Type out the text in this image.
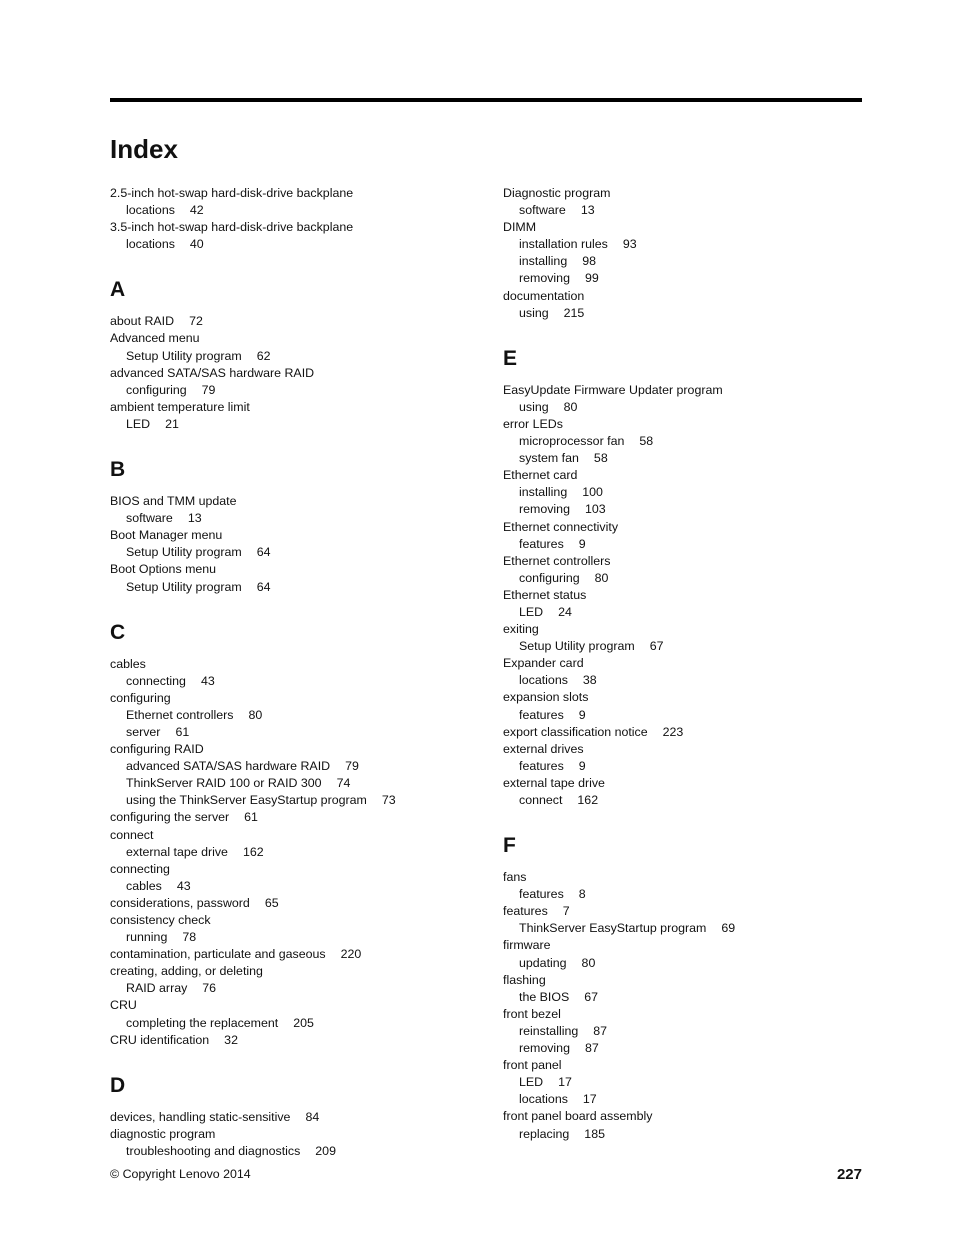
Index
2.5-inch hot-swap hard-disk-drive backplane
locations 42
3.5-inch hot-swap hard-disk-drive backplane
locations 40
A
about RAID 72
Advanced menu
Setup Utility program 62
advanced SATA/SAS hardware RAID
configuring 79
ambient temperature limit
LED 21
B
BIOS and TMM update
software 13
Boot Manager menu
Setup Utility program 64
Boot Options menu
Setup Utility program 64
C
cables
connecting 43
configuring
Ethernet controllers 80
server 61
configuring RAID
advanced SATA/SAS hardware RAID 79
ThinkServer RAID 100 or RAID 300 74
using the ThinkServer EasyStartup program 73
configuring the server 61
connect
external tape drive 162
connecting
cables 43
considerations, password 65
consistency check
running 78
contamination, particulate and gaseous 220
creating, adding, or deleting
RAID array 76
CRU
completing the replacement 205
CRU identification 32
D
devices, handling static-sensitive 84
diagnostic program
troubleshooting and diagnostics 209
Diagnostic program
software 13
DIMM
installation rules 93
installing 98
removing 99
documentation
using 215
E
EasyUpdate Firmware Updater program
using 80
error LEDs
microprocessor fan 58
system fan 58
Ethernet card
installing 100
removing 103
Ethernet connectivity
features 9
Ethernet controllers
configuring 80
Ethernet status
LED 24
exiting
Setup Utility program 67
Expander card
locations 38
expansion slots
features 9
export classification notice 223
external drives
features 9
external tape drive
connect 162
F
fans
features 8
features 7
ThinkServer EasyStartup program 69
firmware
updating 80
flashing
the BIOS 67
front bezel
reinstalling 87
removing 87
front panel
LED 17
locations 17
front panel board assembly
replacing 185
© Copyright Lenovo 2014	227
